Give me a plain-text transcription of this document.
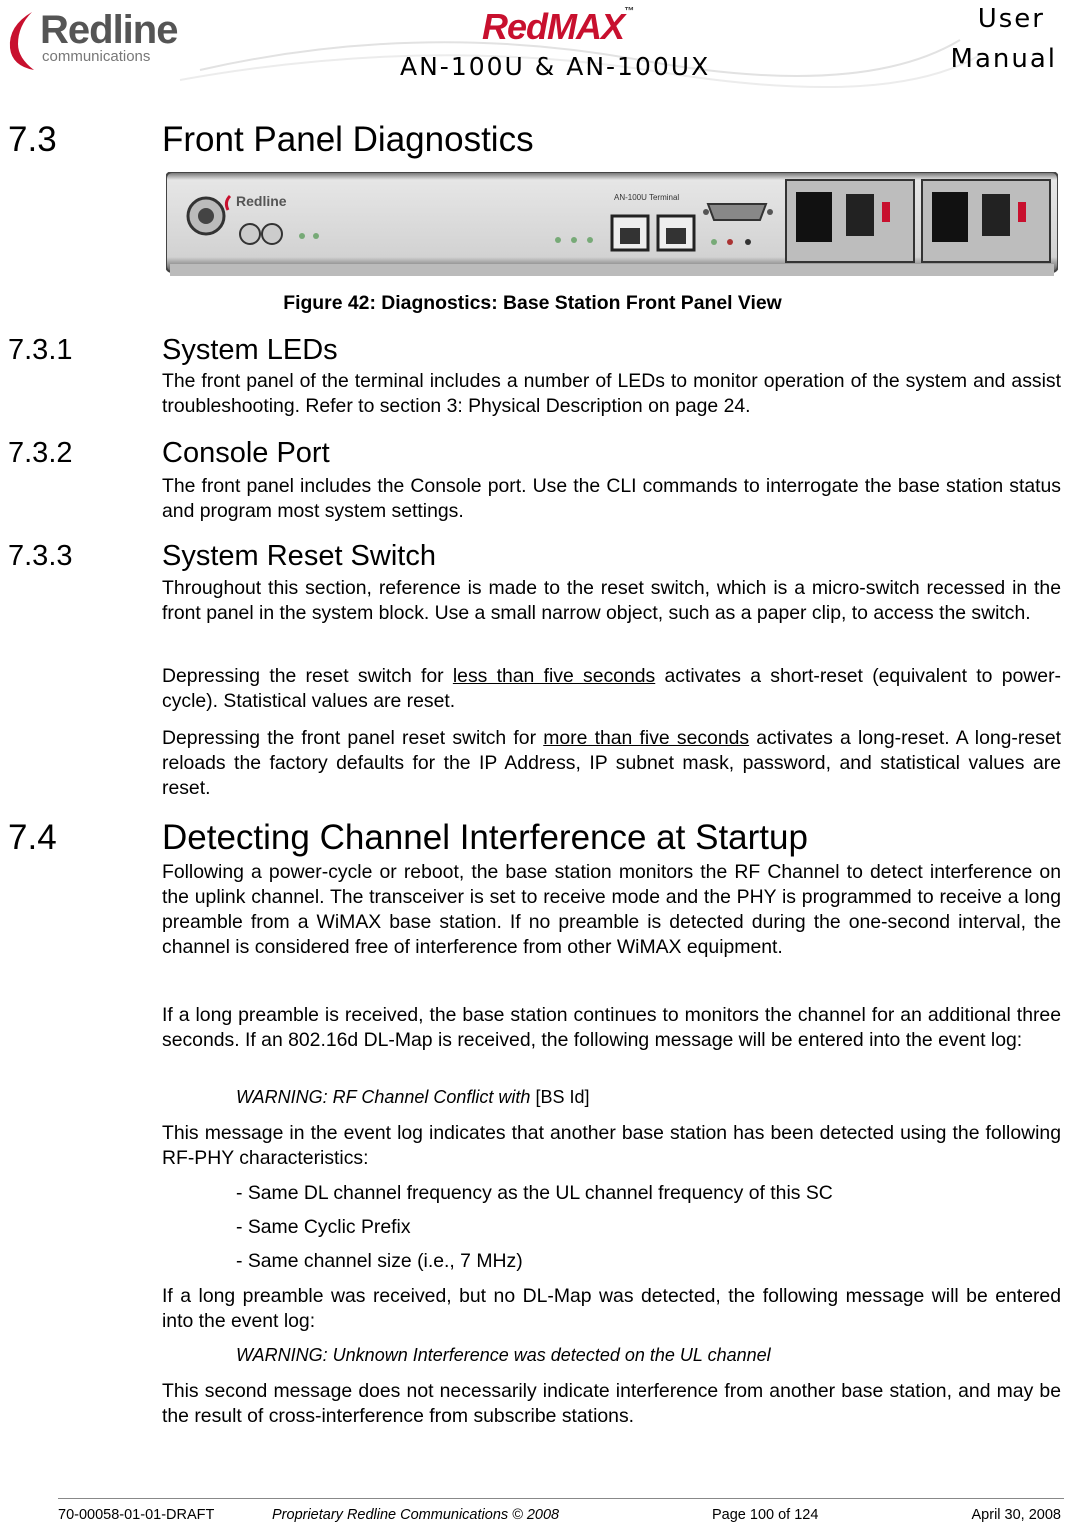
Redline
communications
RedMAX™
AN-100U & AN-100UX
User
Manual
7.3	Front Panel Diagnostics
Redline	AN-100U Terminal
Figure 42: Diagnostics: Base Station Front Panel View
7.3.1	System LEDs

The front panel of the terminal includes a number of LEDs to monitor operation of the system and assist troubleshooting. Refer to section 3: Physical Description on page 24.

7.3.2	Console Port

The front panel includes the Console port. Use the CLI commands to interrogate the base station status and program most system settings.

7.3.3	System Reset Switch

Throughout this section, reference is made to the reset switch, which is a micro-switch recessed in the front panel in the system block. Use a small narrow object, such as a paper clip, to access the switch.

Depressing the reset switch for less than five seconds activates a short-reset (equivalent to power-cycle). Statistical values are reset.

Depressing the front panel reset switch for more than five seconds activates a long-reset. A long-reset reloads the factory defaults for the IP Address, IP subnet mask, password, and statistical values are reset.

7.4	Detecting Channel Interference at Startup

Following a power-cycle or reboot, the base station monitors the RF Channel to detect interference on the uplink channel. The transceiver is set to receive mode and the PHY is programmed to receive a long preamble from a WiMAX base station. If no preamble is detected during the one-second interval, the channel is considered free of interference from other WiMAX equipment.

If a long preamble is received, the base station continues to monitors the channel for an additional three seconds. If an 802.16d DL-Map is received, the following message will be entered into the event log:

WARNING: RF Channel Conflict with [BS Id]

This message in the event log indicates that another base station has been detected using the following RF-PHY characteristics:

- Same DL channel frequency as the UL channel frequency of this SC

- Same Cyclic Prefix

- Same channel size (i.e., 7 MHz)

If a long preamble was received, but no DL-Map was detected, the following message will be entered into the event log:

WARNING: Unknown Interference was detected on the UL channel

This second message does not necessarily indicate interference from another base station, and may be the result of cross-interference from subscribe stations.

70-00058-01-01-DRAFT	Proprietary Redline Communications © 2008	Page 100 of 124	April 30, 2008
